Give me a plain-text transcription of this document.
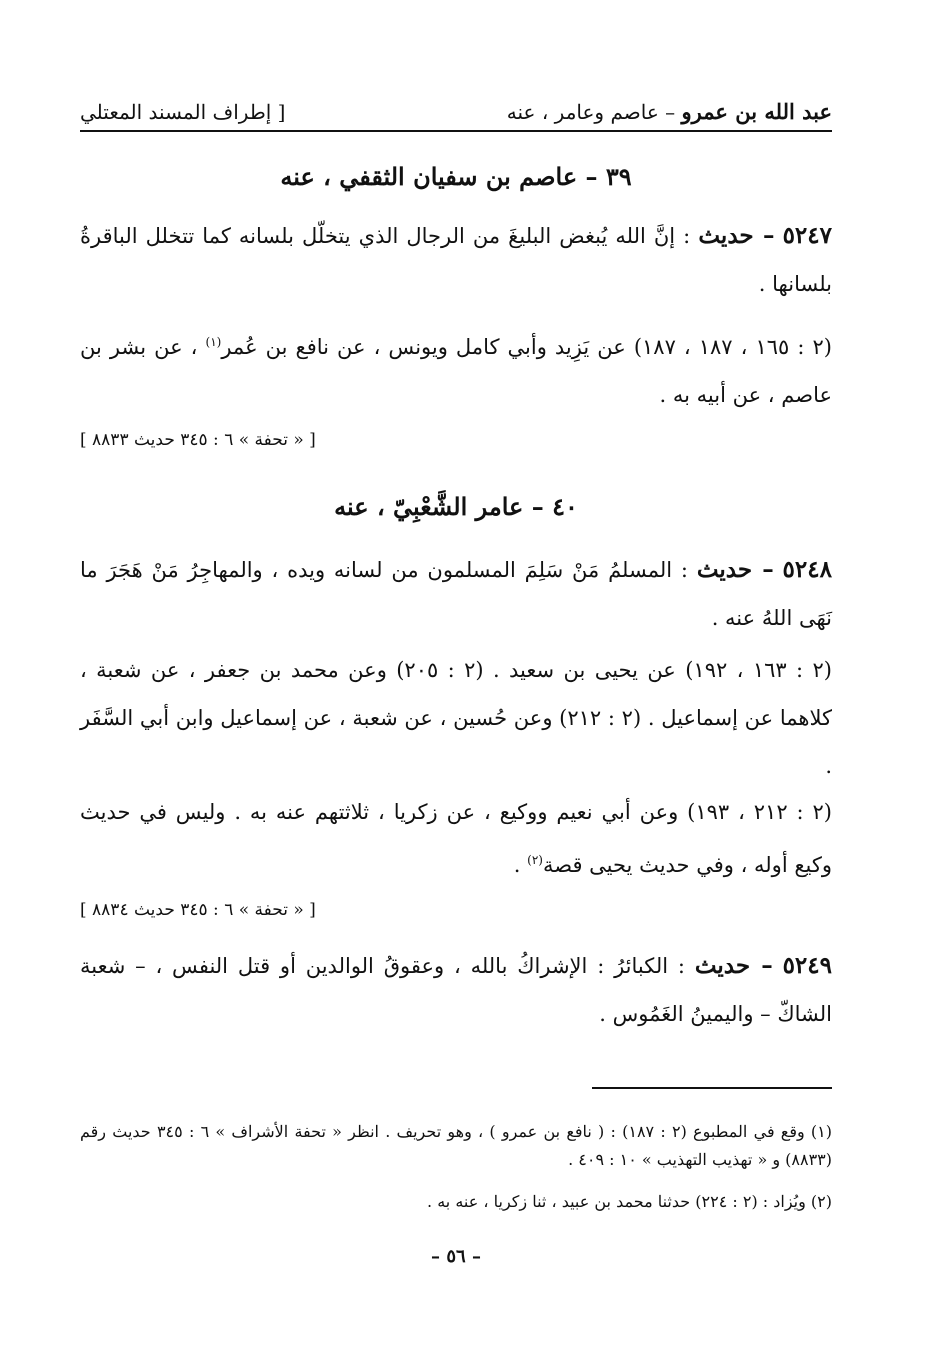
عبد الله بن عمرو – عاصم وعامر ، عنه
[ إطراف المسند المعتلي
٣٩ – عاصم بن سفيان الثقفي ، عنه
٥٢٤٧ – حديث : إنَّ الله يُبغض البليغَ من الرجال الذي يتخلّل بلسانه كما تتخلل الباقرةُ بلسانها .
(٢ : ١٦٥ ، ١٨٧ ، ١٨٧) عن يَزِيد وأبي كامل ويونس ، عن نافع بن عُمر$^{(١)}$ ، عن بشر بن عاصم ، عن أبيه به .
[ « تحفة » ٦ : ٣٤٥ حديث ٨٨٣٣ ]
٤٠ – عامر الشَّعْبِيّ ، عنه
٥٢٤٨ – حديث : المسلمُ مَنْ سَلِمَ المسلمون من لسانه ويده ، والمهاجِرُ مَنْ هَجَرَ ما نَهَى اللهُ عنه .
(٢ : ١٦٣ ، ١٩٢) عن يحيى بن سعيد . (٢ : ٢٠٥) وعن محمد بن جعفر ، عن شعبة ، كلاهما عن إسماعيل . (٢ : ٢١٢) وعن حُسين ، عن شعبة ، عن إسماعيل وابن أبي السَّفَر .
(٢ : ٢١٢ ، ١٩٣) وعن أبي نعيم ووكيع ، عن زكريا ، ثلاثتهم عنه به . وليس في حديث وكيع أوله ، وفي حديث يحيى قصة$^{(٢)}$ .
[ « تحفة » ٦ : ٣٤٥ حديث ٨٨٣٤ ]
٥٢٤٩ – حديث : الكبائرُ : الإشراكُ بالله ، وعقوقُ الوالدين أو قتل النفس ، – شعبة الشاكّ – واليمينُ الغَمُوس .
(١) وقع في المطبوع (٢ : ١٨٧) : ( نافع بن عمرو ) ، وهو تحريف . انظر « تحفة الأشراف » ٦ : ٣٤٥ حديث رقم (٨٨٣٣) و « تهذيب التهذيب » ١٠ : ٤٠٩ .
(٢) ويُزاد : (٢ : ٢٢٤) حدثنا محمد بن عبيد ، ثنا زكريا ، عنه به .
– ٥٦ –
